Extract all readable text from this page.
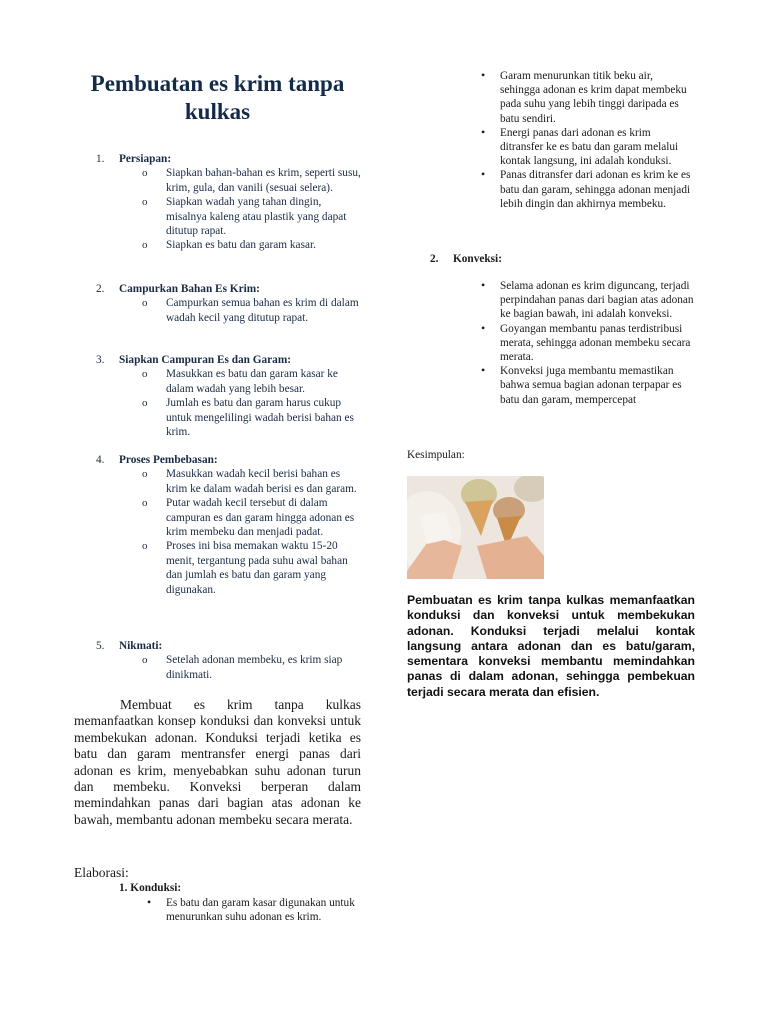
Pembuatan es krim tanpa kulkas
1.	Persiapan:
o Siapkan bahan-bahan es krim, seperti susu, krim, gula, dan vanili (sesuai selera).
o Siapkan wadah yang tahan dingin, misalnya kaleng atau plastik yang dapat ditutup rapat.
o Siapkan es batu dan garam kasar.
2.	Campurkan Bahan Es Krim:
o Campurkan semua bahan es krim di dalam wadah kecil yang ditutup rapat.
3.	Siapkan Campuran Es dan Garam:
o Masukkan es batu dan garam kasar ke dalam wadah yang lebih besar.
o Jumlah es batu dan garam harus cukup untuk mengelilingi wadah berisi bahan es krim.
4.	Proses Pembebasan:
o Masukkan wadah kecil berisi bahan es krim ke dalam wadah berisi es dan garam.
o Putar wadah kecil tersebut di dalam campuran es dan garam hingga adonan es krim membeku dan menjadi padat.
o Proses ini bisa memakan waktu 15-20 menit, tergantung pada suhu awal bahan dan jumlah es batu dan garam yang digunakan.
5.	Nikmati:
o Setelah adonan membeku, es krim siap dinikmati.
Membuat es krim tanpa kulkas memanfaatkan konsep konduksi dan konveksi untuk membekukan adonan. Konduksi terjadi ketika es batu dan garam mentransfer energi panas dari adonan es krim, menyebabkan suhu adonan turun dan membeku. Konveksi berperan dalam memindahkan panas dari bagian atas adonan ke bawah, membantu adonan membeku secara merata.
Elaborasi:
1. Konduksi:
• Es batu dan garam kasar digunakan untuk menurunkan suhu adonan es krim.
• Garam menurunkan titik beku air, sehingga adonan es krim dapat membeku pada suhu yang lebih tinggi daripada es batu sendiri.
• Energi panas dari adonan es krim ditransfer ke es batu dan garam melalui kontak langsung, ini adalah konduksi.
• Panas ditransfer dari adonan es krim ke es batu dan garam, sehingga adonan menjadi lebih dingin dan akhirnya membeku.
2.	Konveksi:
• Selama adonan es krim diguncang, terjadi perpindahan panas dari bagian atas adonan ke bagian bawah, ini adalah konveksi.
• Goyangan membantu panas terdistribusi merata, sehingga adonan membeku secara merata.
• Konveksi juga membantu memastikan bahwa semua bagian adonan terpapar es batu dan garam, mempercepat
Kesimpulan:
Pembuatan es krim tanpa kulkas memanfaatkan konduksi dan konveksi untuk membekukan adonan. Konduksi terjadi melalui kontak langsung antara adonan dan es batu/garam, sementara konveksi membantu memindahkan panas di dalam adonan, sehingga pembekuan terjadi secara merata dan efisien.
